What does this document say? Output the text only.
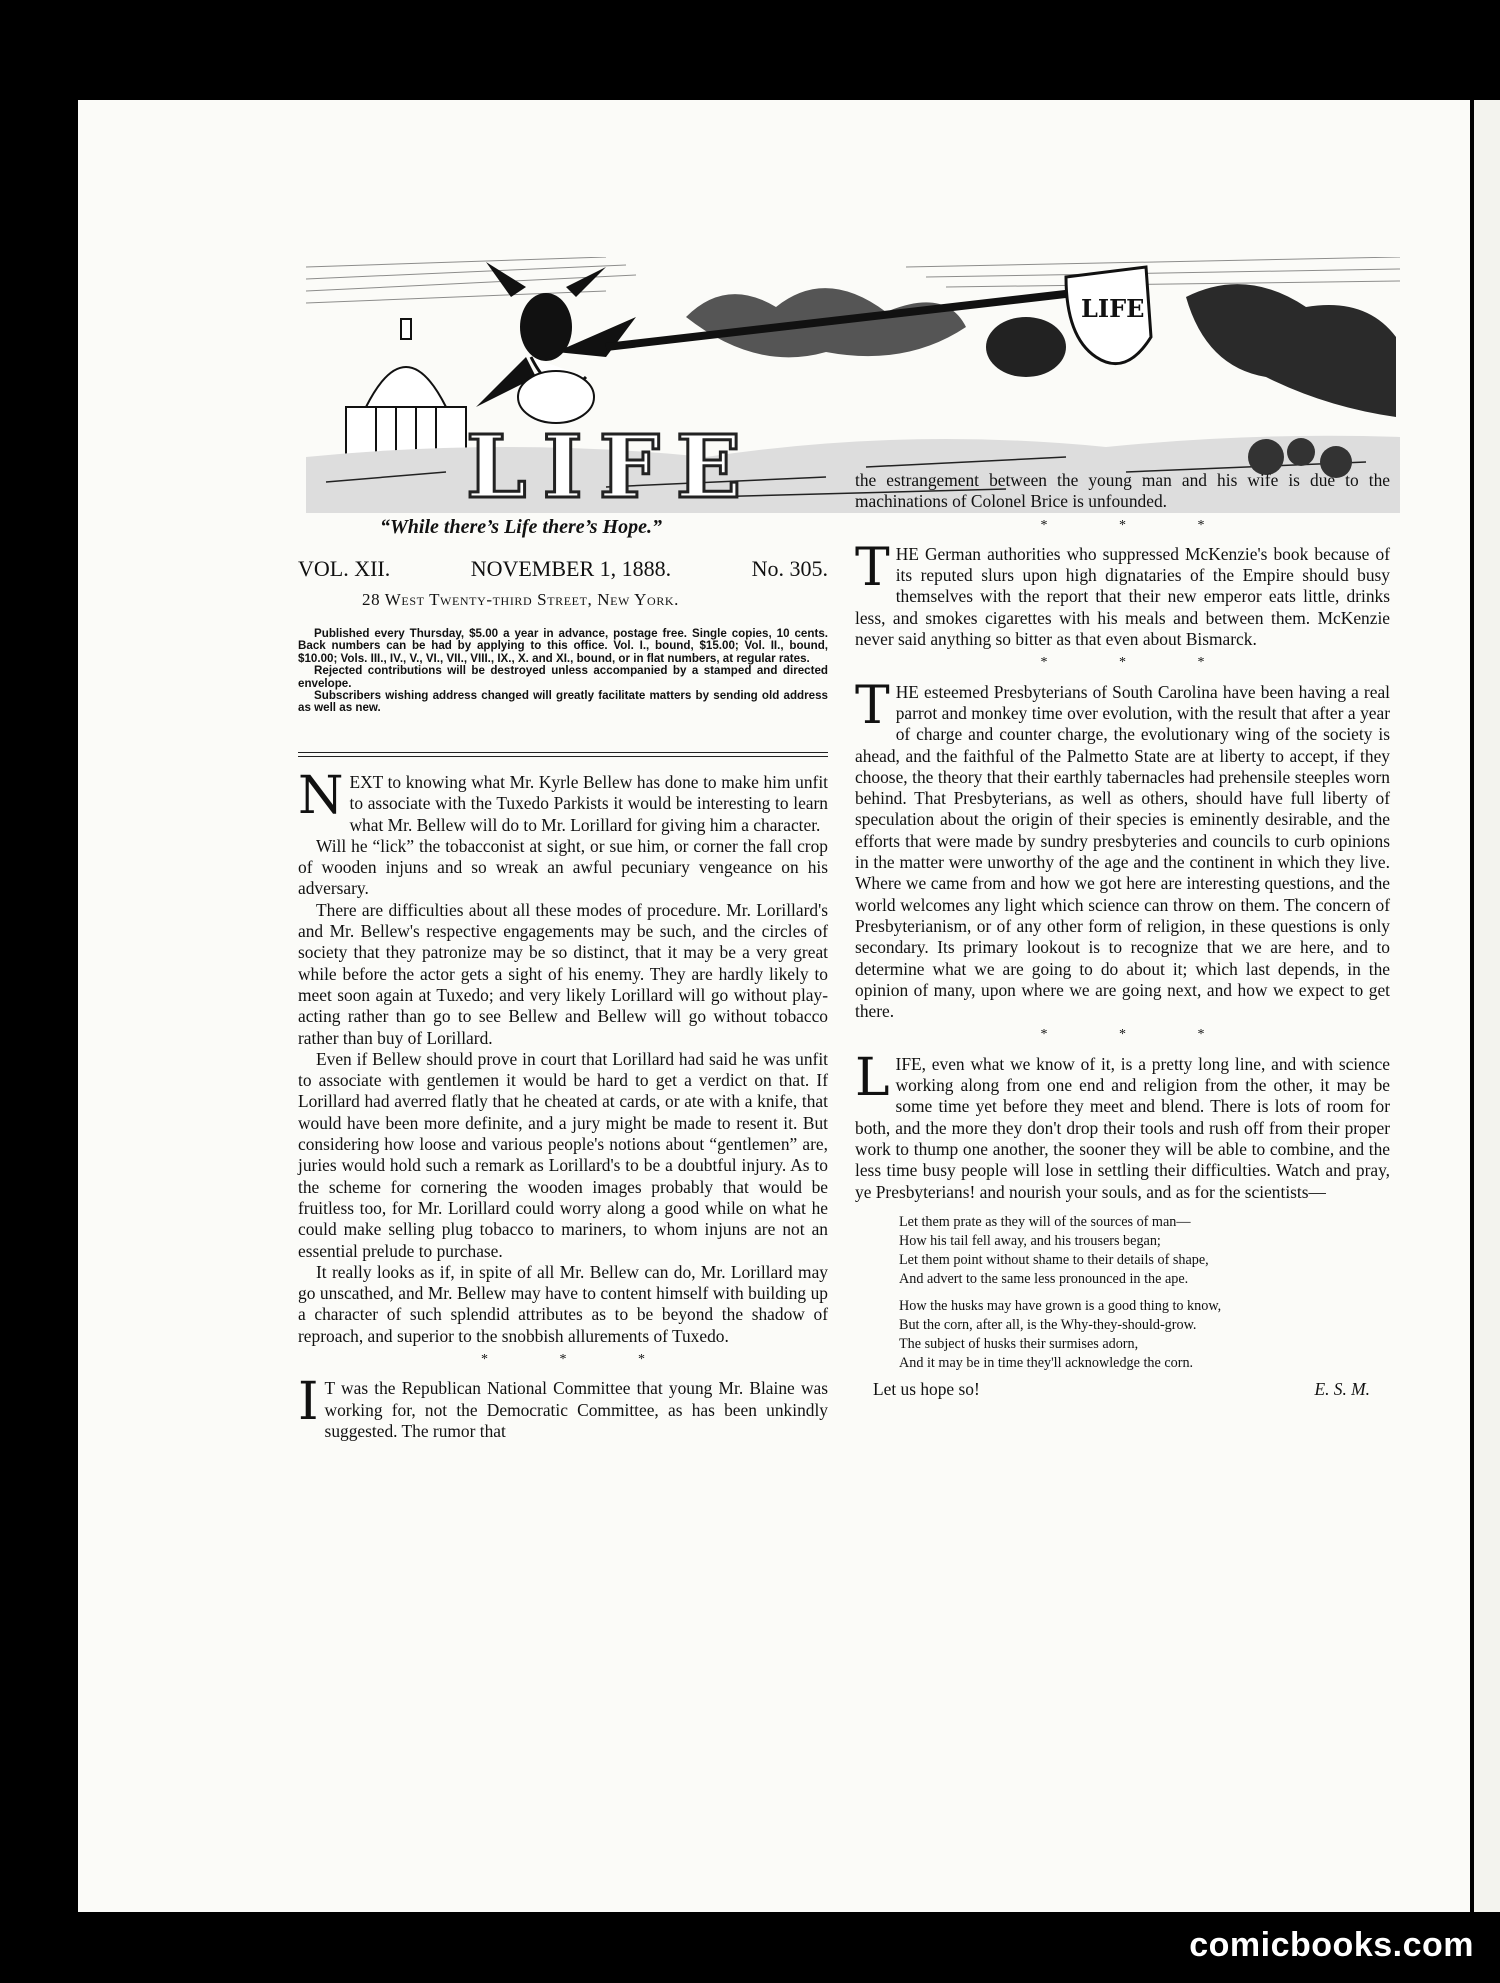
LIFE
LIFE
“While there’s Life there’s Hope.”
VOL. XII.	NOVEMBER 1, 1888.	No. 305.
28 West Twenty-third Street, New York.

Published every Thursday, $5.00 a year in advance, postage free. Single copies, 10 cents. Back numbers can be had by applying to this office. Vol. I., bound, $15.00; Vol. II., bound, $10.00; Vols. III., IV., V., VI., VII., VIII., IX., X. and XI., bound, or in flat numbers, at regular rates.

Rejected contributions will be destroyed unless accompanied by a stamped and directed envelope.

Subscribers wishing address changed will greatly facilitate matters by sending old address as well as new.

NEXT to knowing what Mr. Kyrle Bellew has done to make him unfit to associate with the Tuxedo Parkists it would be interesting to learn what Mr. Bellew will do to Mr. Lorillard for giving him a character.

Will he “lick” the tobacconist at sight, or sue him, or corner the fall crop of wooden injuns and so wreak an awful pecuniary vengeance on his adversary.

There are difficulties about all these modes of procedure. Mr. Lorillard's and Mr. Bellew's respective engagements may be such, and the circles of society that they patronize may be so distinct, that it may be a very great while before the actor gets a sight of his enemy. They are hardly likely to meet soon again at Tuxedo; and very likely Lorillard will go without play-acting rather than go to see Bellew and Bellew will go without tobacco rather than buy of Lorillard.

Even if Bellew should prove in court that Lorillard had said he was unfit to associate with gentlemen it would be hard to get a verdict on that. If Lorillard had averred flatly that he cheated at cards, or ate with a knife, that would have been more definite, and a jury might be made to resent it. But considering how loose and various people's notions about “gentlemen” are, juries would hold such a remark as Lorillard's to be a doubtful injury. As to the scheme for cornering the wooden images probably that would be fruitless too, for Mr. Lorillard could worry along a good while on what he could make selling plug tobacco to mariners, to whom injuns are not an essential prelude to purchase.

It really looks as if, in spite of all Mr. Bellew can do, Mr. Lorillard may go unscathed, and Mr. Bellew may have to content himself with building up a character of such splendid attributes as to be beyond the shadow of reproach, and superior to the snobbish allurements of Tuxedo.

* * *

I T was the Republican National Committee that young Mr. Blaine was working for, not the Democratic Committee, as has been unkindly suggested. The rumor that

the estrangement between the young man and his wife is due to the machinations of Colonel Brice is unfounded.

* * *

THE German authorities who suppressed McKenzie's book because of its reputed slurs upon high dignataries of the Empire should busy themselves with the report that their new emperor eats little, drinks less, and smokes cigarettes with his meals and between them. McKenzie never said anything so bitter as that even about Bismarck.

* * *

THE esteemed Presbyterians of South Carolina have been having a real parrot and monkey time over evolution, with the result that after a year of charge and counter charge, the evolutionary wing of the society is ahead, and the faithful of the Palmetto State are at liberty to accept, if they choose, the theory that their earthly tabernacles had prehensile steeples worn behind. That Presbyterians, as well as others, should have full liberty of speculation about the origin of their species is eminently desirable, and the efforts that were made by sundry presbyteries and councils to curb opinions in the matter were unworthy of the age and the continent in which they live. Where we came from and how we got here are interesting questions, and the world welcomes any light which science can throw on them. The concern of Presbyterianism, or of any other form of religion, in these questions is only secondary. Its primary lookout is to recognize that we are here, and to determine what we are going to do about it; which last depends, in the opinion of many, upon where we are going next, and how we expect to get there.

* * *

LIFE, even what we know of it, is a pretty long line, and with science working along from one end and religion from the other, it may be some time yet before they meet and blend. There is lots of room for both, and the more they don't drop their tools and rush off from their proper work to thump one another, the sooner they will be able to combine, and the less time busy people will lose in settling their difficulties. Watch and pray, ye Presbyterians! and nourish your souls, and as for the scientists—

Let them prate as they will of the sources of man—
How his tail fell away, and his trousers began;
Let them point without shame to their details of shape,
And advert to the same less pronounced in the ape.
How the husks may have grown is a good thing to know,
But the corn, after all, is the Why-they-should-grow.
The subject of husks their surmises adorn,
And it may be in time they'll acknowledge the corn.
Let us hope so!	E. S. M.
comicbooks.com
